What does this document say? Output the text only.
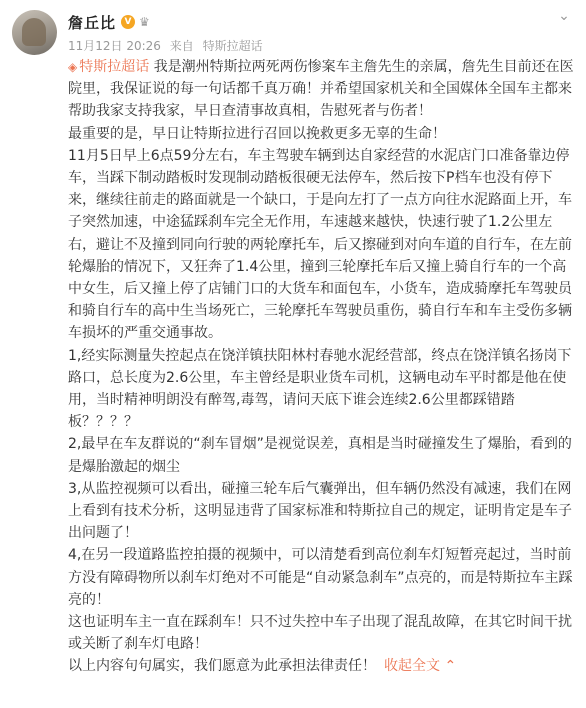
詹丘比 V ♛
11月12日 20:26 来自 特斯拉超话
⌄

◈ 特斯拉超话 我是潮州特斯拉两死两伤惨案车主詹先生的亲属，詹先生目前还在医院里，我保证说的每一句话都千真万确！并希望国家机关和全国媒体全国车主都来帮助我家支持我家，早日查清事故真相，告慰死者与伤者！

最重要的是，早日让特斯拉进行召回以挽救更多无辜的生命！

11月5日早上6点59分左右，车主驾驶车辆到达自家经营的水泥店门口准备靠边停车，当踩下制动踏板时发现制动踏板很硬无法停车，然后按下P档车也没有停下来，继续往前走的路面就是一个缺口，于是向左打了一点方向往水泥路面上开，车子突然加速，中途猛踩刹车完全无作用，车速越来越快，快速行驶了1.2公里左右，避让不及撞到同向行驶的两轮摩托车，后又擦碰到对向车道的自行车，在左前轮爆胎的情况下，又狂奔了1.4公里，撞到三轮摩托车后又撞上骑自行车的一个高中女生，后又撞上停了店铺门口的大货车和面包车，小货车，造成骑摩托车驾驶员和骑自行车的高中生当场死亡，三轮摩托车驾驶员重伤，骑自行车和车主受伤多辆车损坏的严重交通事故。

1,经实际测量失控起点在饶洋镇扶阳林村春驰水泥经营部，终点在饶洋镇名扬岗下路口，总长度为2.6公里，车主曾经是职业货车司机，这辆电动车平时都是他在使用，当时精神明朗没有醉驾,毒驾，请问天底下谁会连续2.6公里都踩错踏板？？？？

2,最早在车友群说的“刹车冒烟”是视觉误差，真相是当时碰撞发生了爆胎，看到的是爆胎激起的烟尘

3,从监控视频可以看出，碰撞三轮车后气囊弹出，但车辆仍然没有减速，我们在网上看到有技术分析，这明显违背了国家标准和特斯拉自己的规定，证明肯定是车子出问题了！

4,在另一段道路监控拍摄的视频中，可以清楚看到高位刹车灯短暂亮起过，当时前方没有障碍物所以刹车灯绝对不可能是“自动紧急刹车”点亮的，而是特斯拉车主踩亮的！

这也证明车主一直在踩刹车！只不过失控中车子出现了混乱故障，在其它时间干扰或关断了刹车灯电路！

以上内容句句属实，我们愿意为此承担法律责任！ 收起全文 ⌃
